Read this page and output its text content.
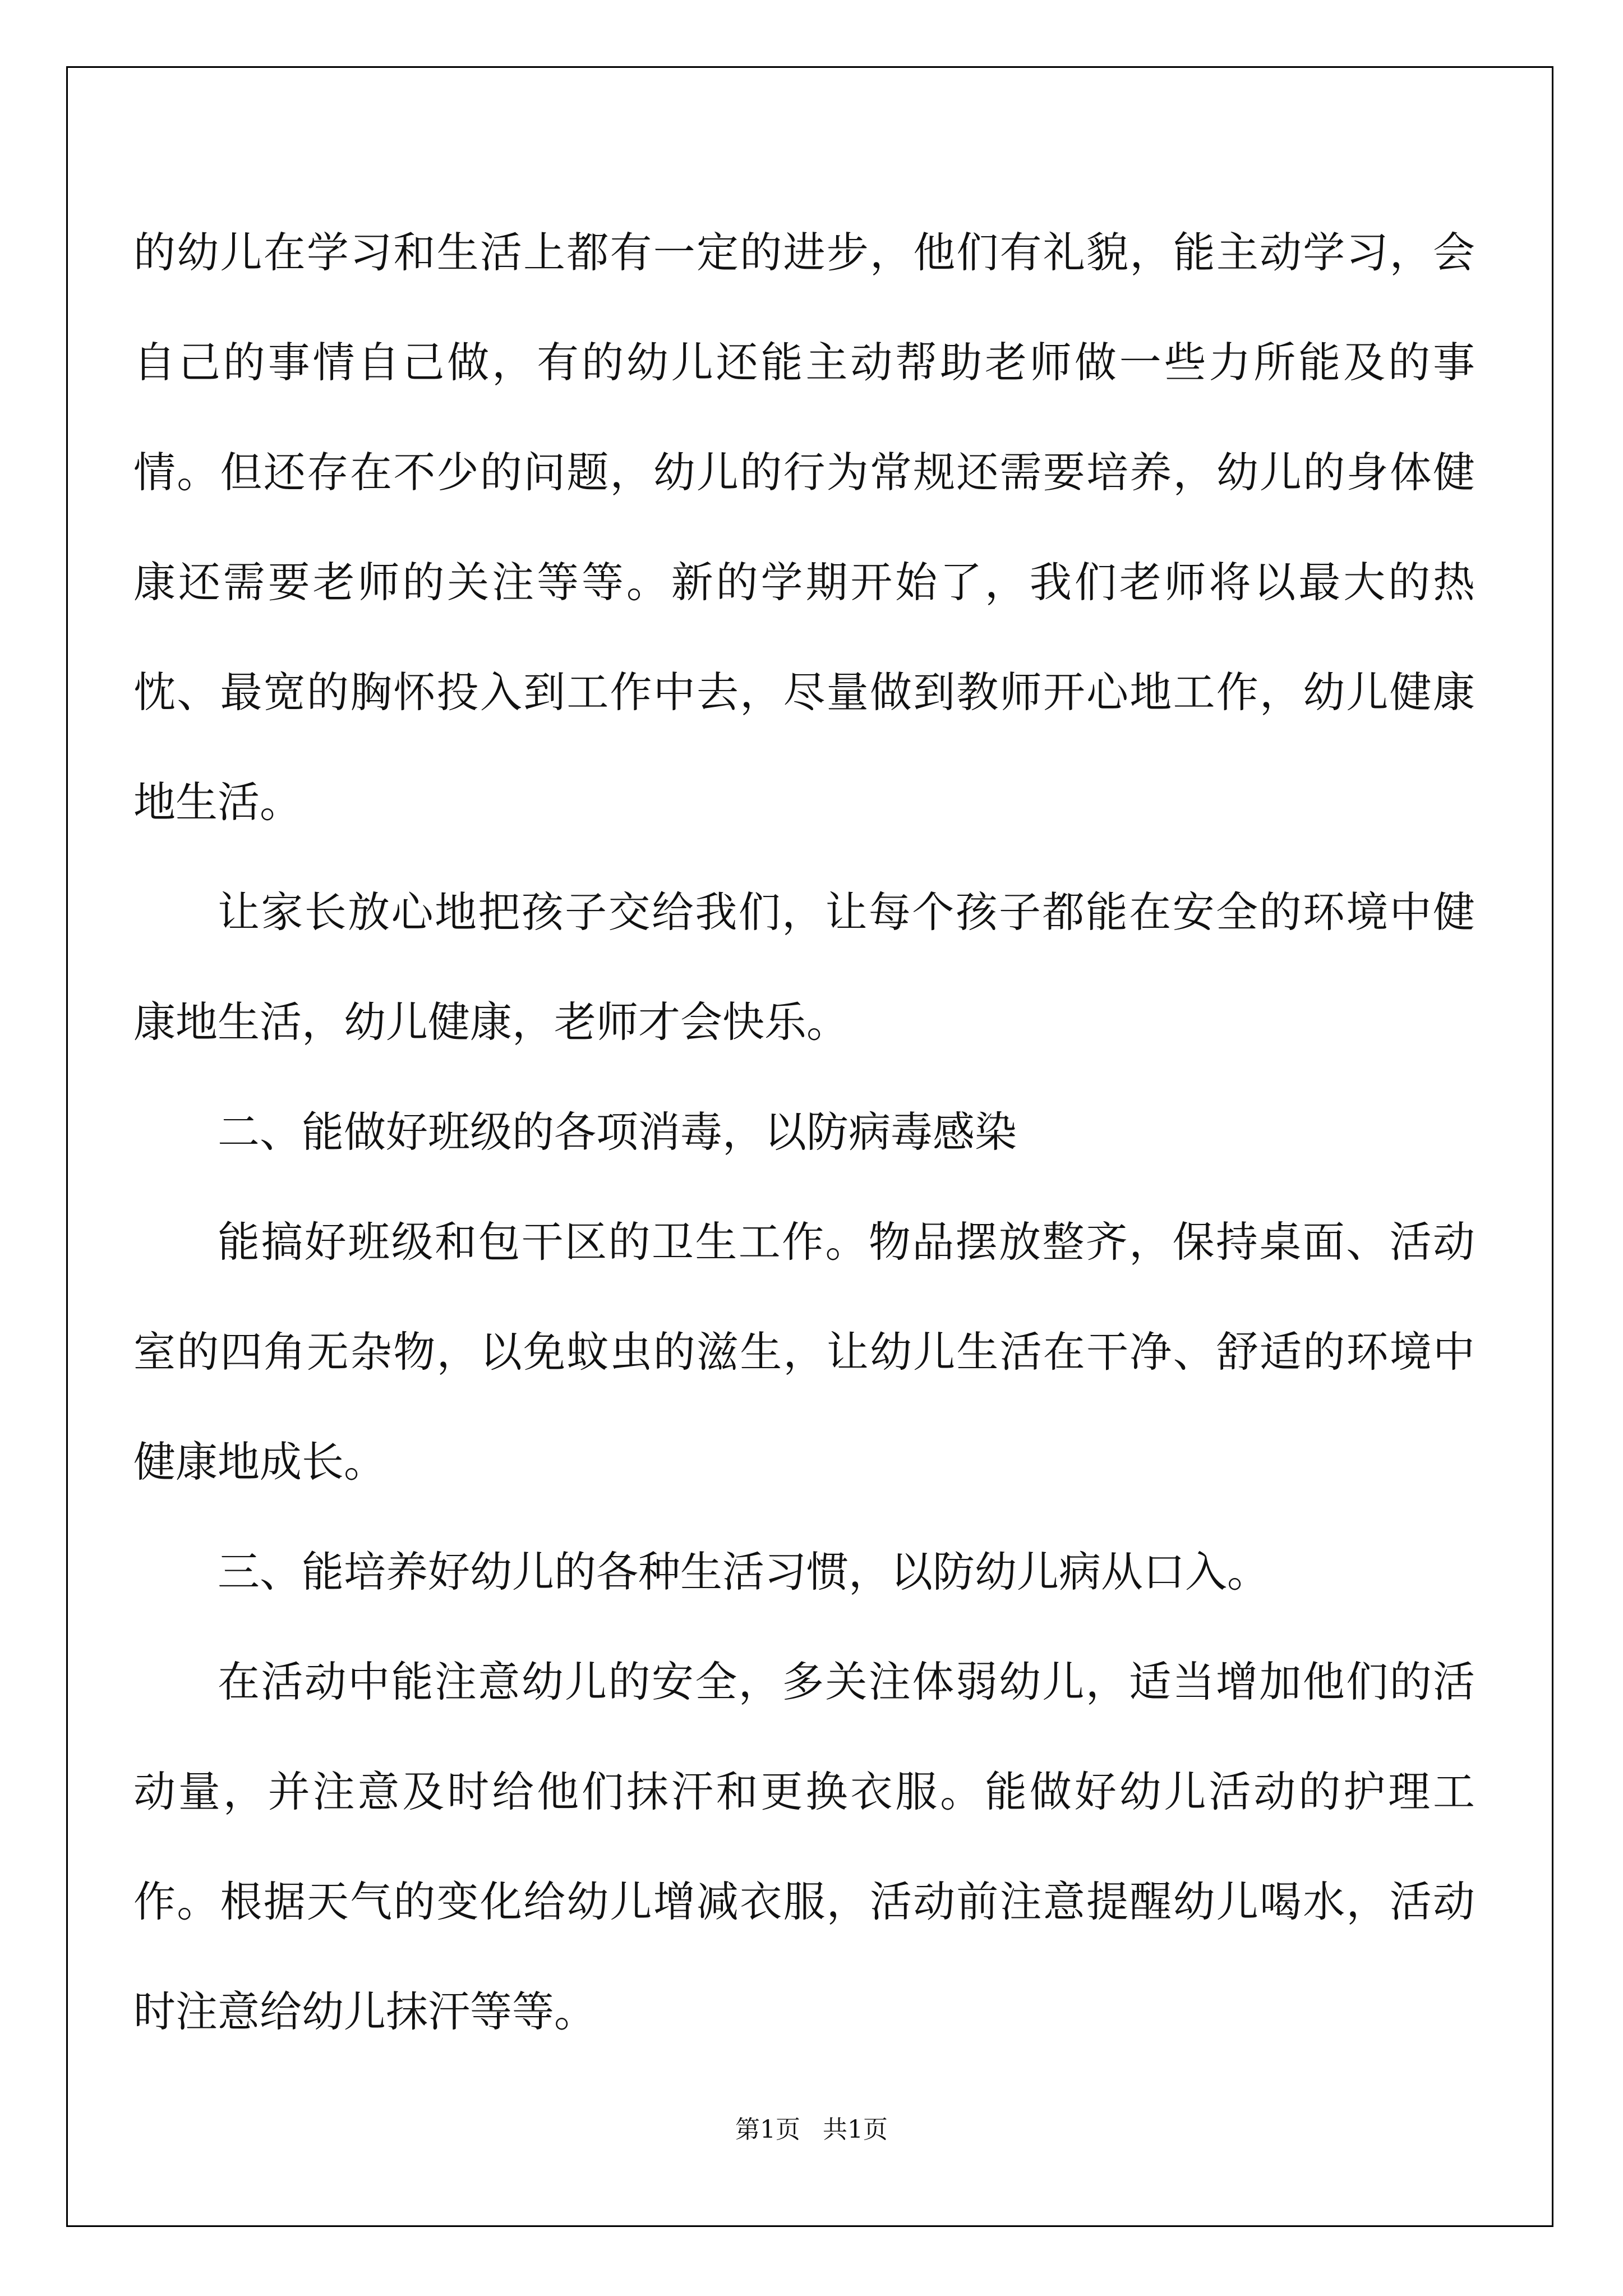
的幼儿在学习和生活上都有一定的进步，他们有礼貌，能主动学习，会自己的事情自己做，有的幼儿还能主动帮助老师做一些力所能及的事情。但还存在不少的问题，幼儿的行为常规还需要培养，幼儿的身体健康还需要老师的关注等等。新的学期开始了，我们老师将以最大的热忱、最宽的胸怀投入到工作中去，尽量做到教师开心地工作，幼儿健康地生活。

让家长放心地把孩子交给我们，让每个孩子都能在安全的环境中健康地生活，幼儿健康，老师才会快乐。

二、能做好班级的各项消毒，以防病毒感染

能搞好班级和包干区的卫生工作。物品摆放整齐，保持桌面、活动室的四角无杂物，以免蚊虫的滋生，让幼儿生活在干净、舒适的环境中健康地成长。

三、能培养好幼儿的各种生活习惯，以防幼儿病从口入。

在活动中能注意幼儿的安全，多关注体弱幼儿，适当增加他们的活动量，并注意及时给他们抹汗和更换衣服。能做好幼儿活动的护理工作。根据天气的变化给幼儿增减衣服，活动前注意提醒幼儿喝水，活动时注意给幼儿抹汗等等。

第1页 共1页
